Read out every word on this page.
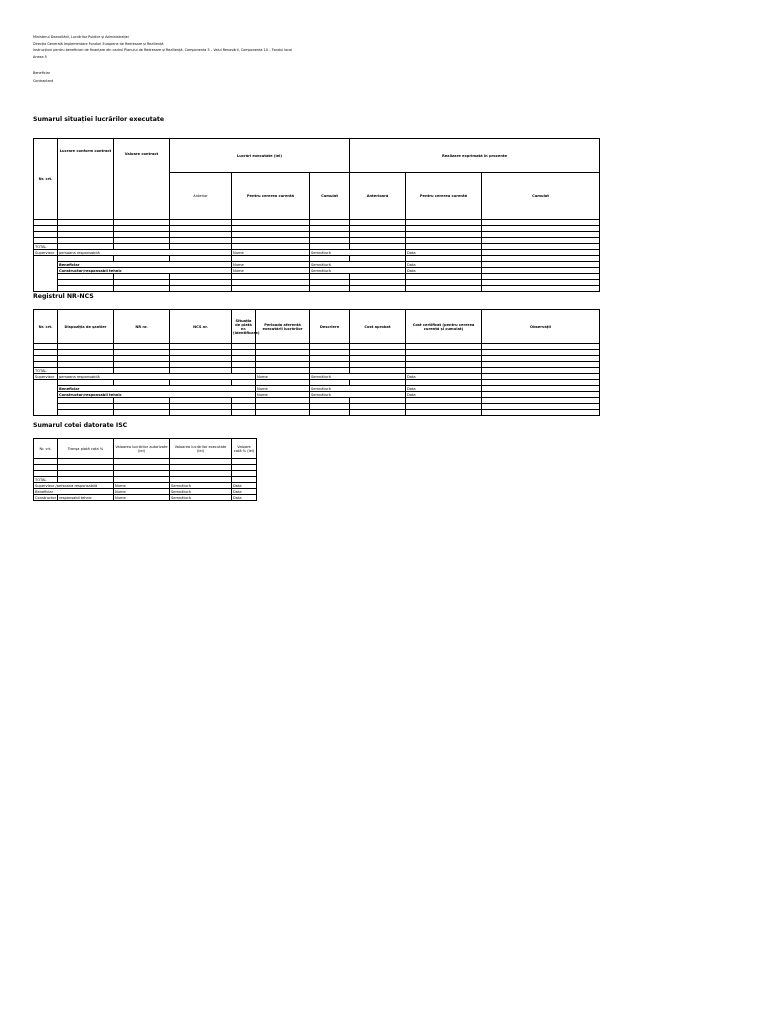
Ministerul Dezvoltării, Lucrărilor Publice și Administrației
Direcția Generală Implementare Fonduri Europene de Redresare și Reziliență
Instrucțiuni pentru beneficiari de finanțare din cadrul Planului de Redresare și Reziliență, Componenta 5 – Valul Renovării, Componenta 10 – Fondul local
Anexa 5
Beneficiar
Contractant
Sumarul situației lucrărilor executate
Nr. crt.	Lucrare conform contract	Valoare contract	Lucrări executate (lei)			Realizare exprimată în procente		
			Anterior	Pentru cererea curentă	Cumulat	Anterioară	Pentru cererea curentă	Cumulat

TOTAL								
Supervizor	persoana responsabilă			Nume	Semnătură		Data	

	Beneficiar			Nume	Semnătură		Data	
	Constructor/responsabil tehnic			Nume	Semnătură		Data	

Registrul NR-NCS
Nr. crt.	Dispoziția de șantier	NR nr.	NCS nr.	Situația de plată nr. (identificare)	Perioada aferentă executării lucrărilor	Descriere	Cost aprobat	Cost certificat (pentru cererea curentă și cumulat)	Observații

TOTAL									
Supervizor	persoana responsabilă				Nume	Semnătură		Data	

	Beneficiar				Nume	Semnătură		Data	
	Constructor/responsabil tehnic				Nume	Semnătură		Data	

Sumarul cotei datorate ISC
Nr. crt.	Tranșa plată cota %	Valoarea lucrărilor autorizate (lei)	Valoarea lucrărilor executate (lei)	Valoare cotă % (lei)

TOTAL				
Supervizor /persoana responsabilă		Nume	Semnătură	Data
Beneficiar		Nume	Semnătură	Data
Constructor	responsabil tehnic	Nume	Semnătură	Data
